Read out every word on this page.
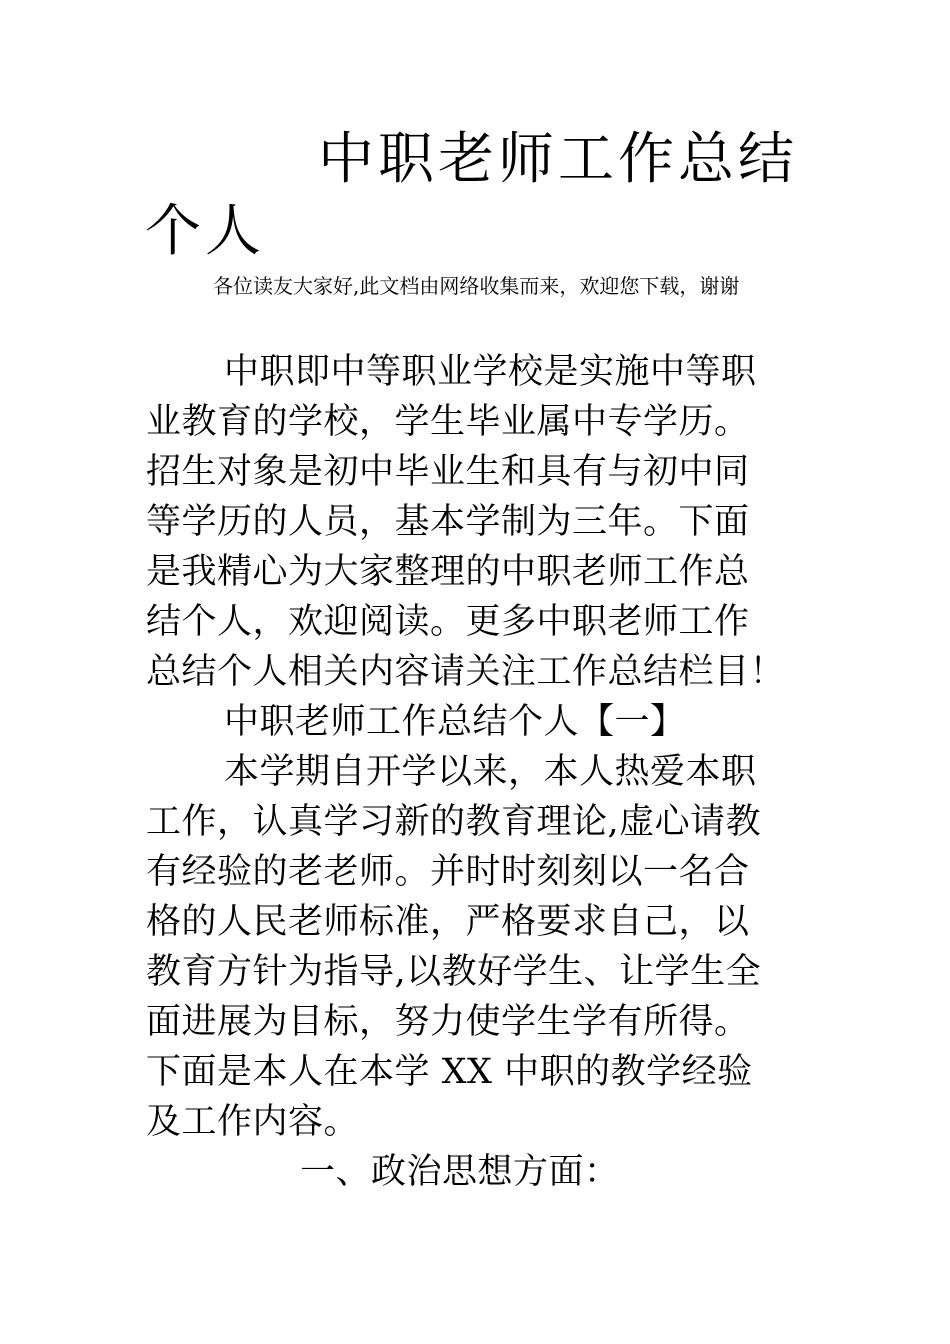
中职老师工作总结
个人
各位读友大家好,此文档由网络收集而来，欢迎您下载，谢谢
中职即中等职业学校是实施中等职
业教育的学校，学生毕业属中专学历。
招生对象是初中毕业生和具有与初中同
等学历的人员，基本学制为三年。下面
是我精心为大家整理的中职老师工作总
结个人，欢迎阅读。更多中职老师工作
总结个人相关内容请关注工作总结栏目！
中职老师工作总结个人【一】
本学期自开学以来，本人热爱本职
工作，认真学习新的教育理论,虚心请教
有经验的老老师。并时时刻刻以一名合
格的人民老师标准，严格要求自己，以
教育方针为指导,以教好学生、让学生全
面进展为目标，努力使学生学有所得。
下面是本人在本学 XX 中职的教学经验
及工作内容。
一、政治思想方面：
